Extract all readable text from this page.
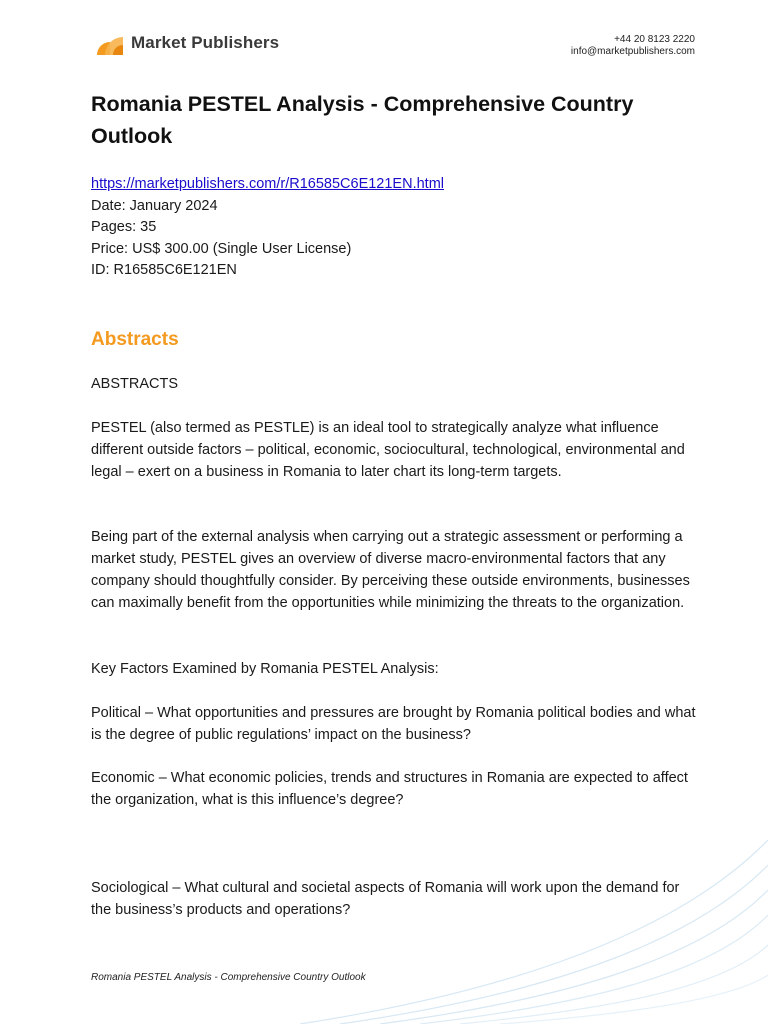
Market Publishers	+44 20 8123 2220
info@marketpublishers.com
Romania PESTEL Analysis - Comprehensive Country Outlook
https://marketpublishers.com/r/R16585C6E121EN.html
Date: January 2024
Pages: 35
Price: US$ 300.00 (Single User License)
ID: R16585C6E121EN
Abstracts

ABSTRACTS

PESTEL (also termed as PESTLE) is an ideal tool to strategically analyze what influence different outside factors – political, economic, sociocultural, technological, environmental and legal – exert on a business in Romania to later chart its long-term targets.

Being part of the external analysis when carrying out a strategic assessment or performing a market study, PESTEL gives an overview of diverse macro-environmental factors that any company should thoughtfully consider. By perceiving these outside environments, businesses can maximally benefit from the opportunities while minimizing the threats to the organization.

Key Factors Examined by Romania PESTEL Analysis:

Political – What opportunities and pressures are brought by Romania political bodies and what is the degree of public regulations’ impact on the business?

Economic – What economic policies, trends and structures in Romania are expected to affect the organization, what is this influence’s degree?

Sociological – What cultural and societal aspects of Romania will work upon the demand for the business’s products and operations?

Romania PESTEL Analysis - Comprehensive Country Outlook
